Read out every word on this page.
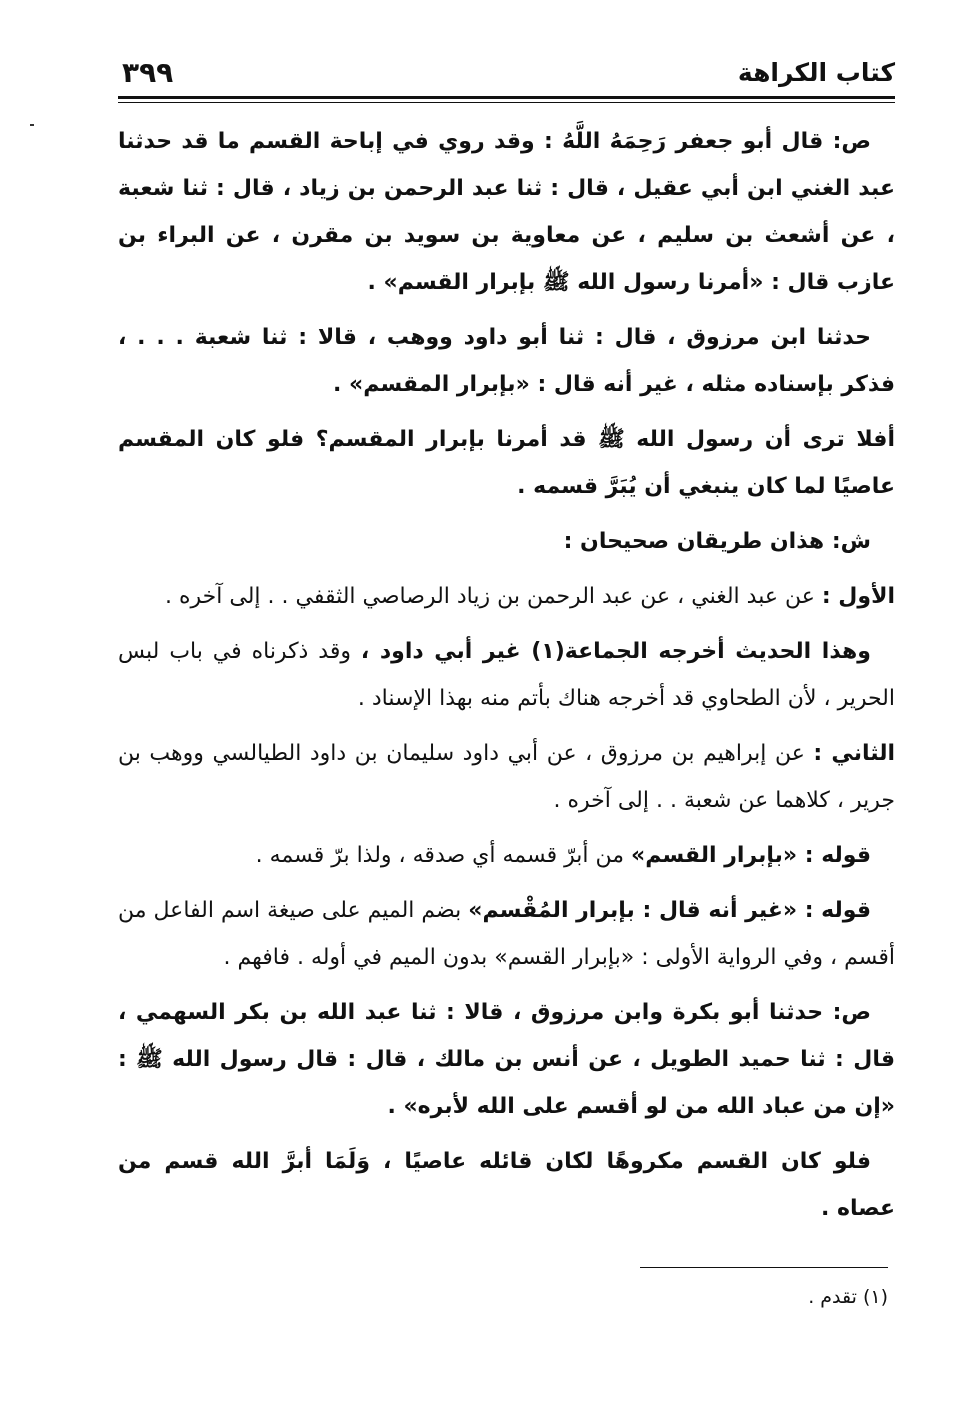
كتاب الكراهة
٣٩٩

ص: قال أبو جعفر رَحِمَهُ اللَّهُ : وقد روي في إباحة القسم ما قد حدثنا عبد الغني ابن أبي عقيل ، قال : ثنا عبد الرحمن بن زياد ، قال : ثنا شعبة ، عن أشعث بن سليم ، عن معاوية بن سويد بن مقرن ، عن البراء بن عازب قال : «أمرنا رسول الله ﷺ بإبرار القسم» .

حدثنا ابن مرزوق ، قال : ثنا أبو داود ووهب ، قالا : ثنا شعبة . . . ، فذكر بإسناده مثله ، غير أنه قال : «بإبرار المقسم» .

أفلا ترى أن رسول الله ﷺ قد أمرنا بإبرار المقسم؟ فلو كان المقسم عاصيًا لما كان ينبغي أن يُبَرَّ قسمه .

ش: هذان طريقان صحيحان :

الأول : عن عبد الغني ، عن عبد الرحمن بن زياد الرصاصي الثقفي . . إلى آخره .

وهذا الحديث أخرجه الجماعة(١) غير أبي داود ، وقد ذكرناه في باب لبس الحرير ، لأن الطحاوي قد أخرجه هناك بأتم منه بهذا الإسناد .

الثاني : عن إبراهيم بن مرزوق ، عن أبي داود سليمان بن داود الطيالسي ووهب بن جرير ، كلاهما عن شعبة . . إلى آخره .

قوله : «بإبرار القسم» من أبرّ قسمه أي صدقه ، ولذا برّ قسمه .

قوله : «غير أنه قال : بإبرار المُقْسم» بضم الميم على صيغة اسم الفاعل من أقسم ، وفي الرواية الأولى : «بإبرار القسم» بدون الميم في أوله . فافهم .

ص: حدثنا أبو بكرة وابن مرزوق ، قالا : ثنا عبد الله بن بكر السهمي ، قال : ثنا حميد الطويل ، عن أنس بن مالك ، قال : قال رسول الله ﷺ : «إن من عباد الله من لو أقسم على الله لأبره» .

فلو كان القسم مكروهًا لكان قائله عاصيًا ، وَلَمَا أبرَّ الله قسم من عصاه .

(١) تقدم .
